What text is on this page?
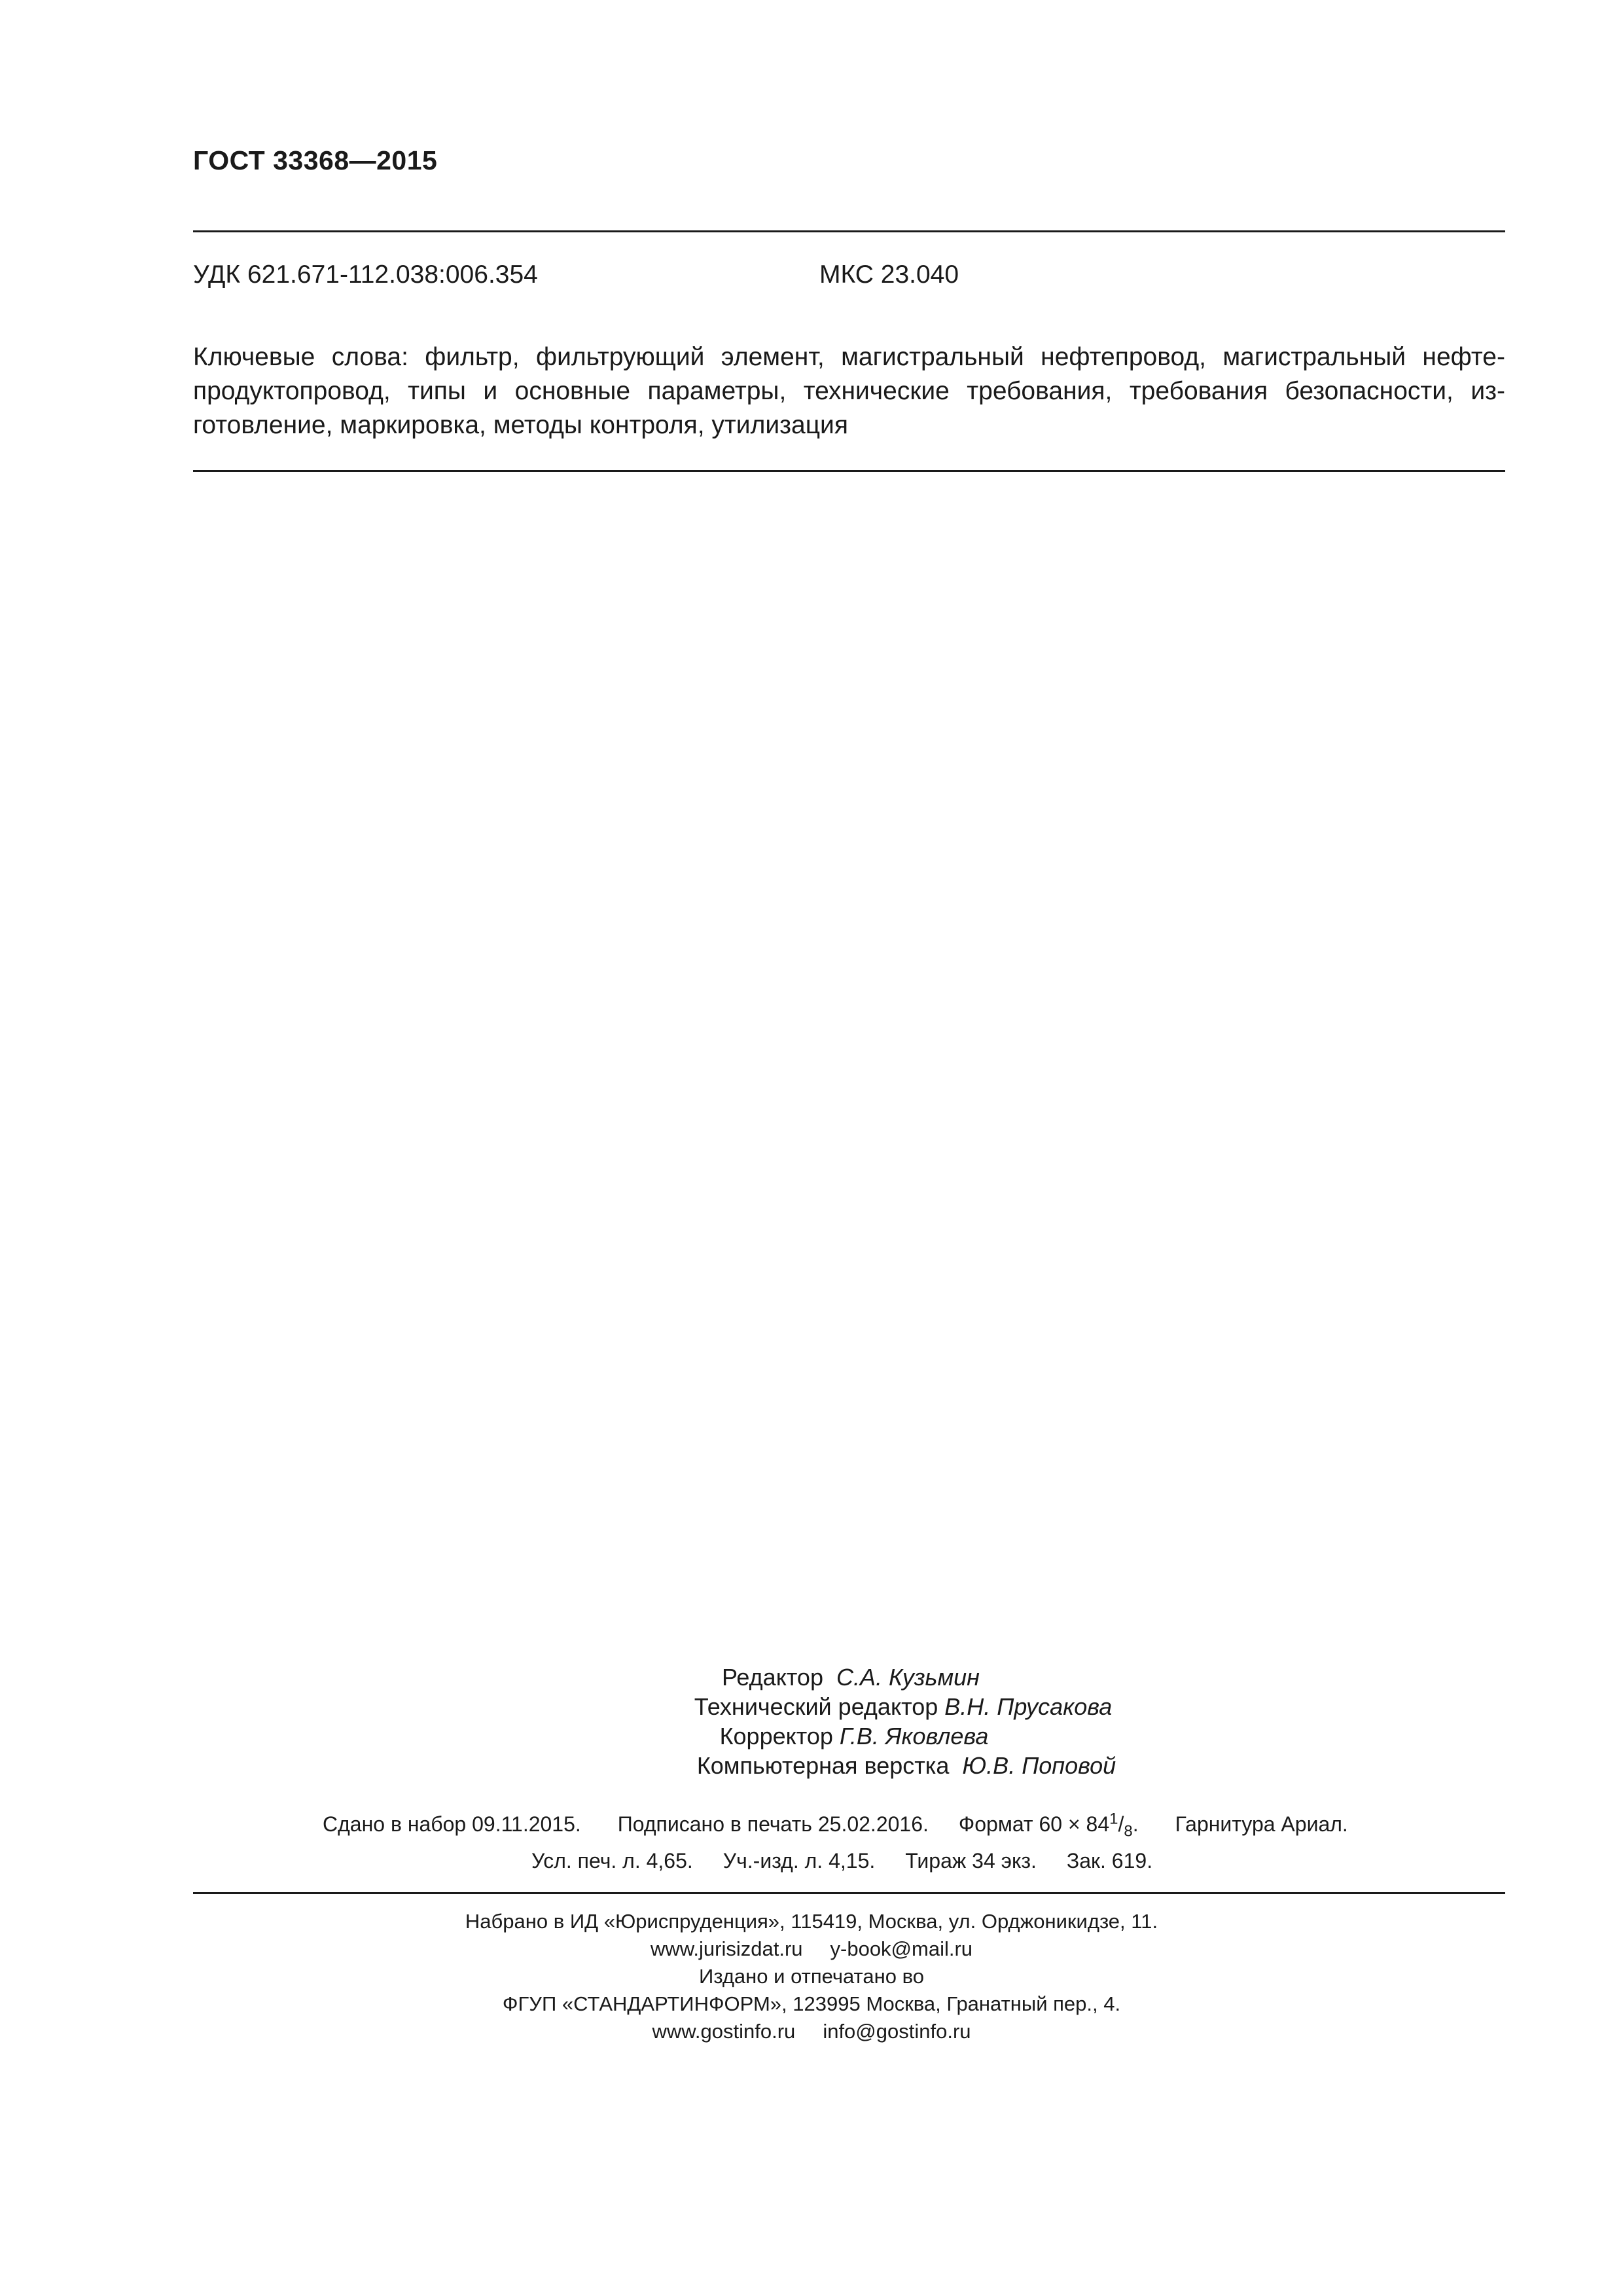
ГОСТ 33368—2015
УДК 621.671-112.038:006.354	МКС 23.040
Ключевые слова: фильтр, фильтрующий элемент, магистральный нефтепровод, магистральный нефтепродуктопровод, типы и основные параметры, технические требования, требования безопасности, изготовление, маркировка, методы контроля, утилизация
Редактор С.А. Кузьмин
Технический редактор В.Н. Прусакова
Корректор Г.В. Яковлева
Компьютерная верстка Ю.В. Поповой
Сдано в набор 09.11.2015. Подписано в печать 25.02.2016. Формат $60 \times 84^1/_8$. Гарнитура Ариал.
Усл. печ. л. 4,65. Уч.-изд. л. 4,15. Тираж 34 экз. Зак. 619.
Набрано в ИД «Юриспруденция», 115419, Москва, ул. Орджоникидзе, 11.
www.jurisizdat.ru y-book@mail.ru
Издано и отпечатано во
ФГУП «СТАНДАРТИНФОРМ», 123995 Москва, Гранатный пер., 4.
www.gostinfo.ru info@gostinfo.ru
